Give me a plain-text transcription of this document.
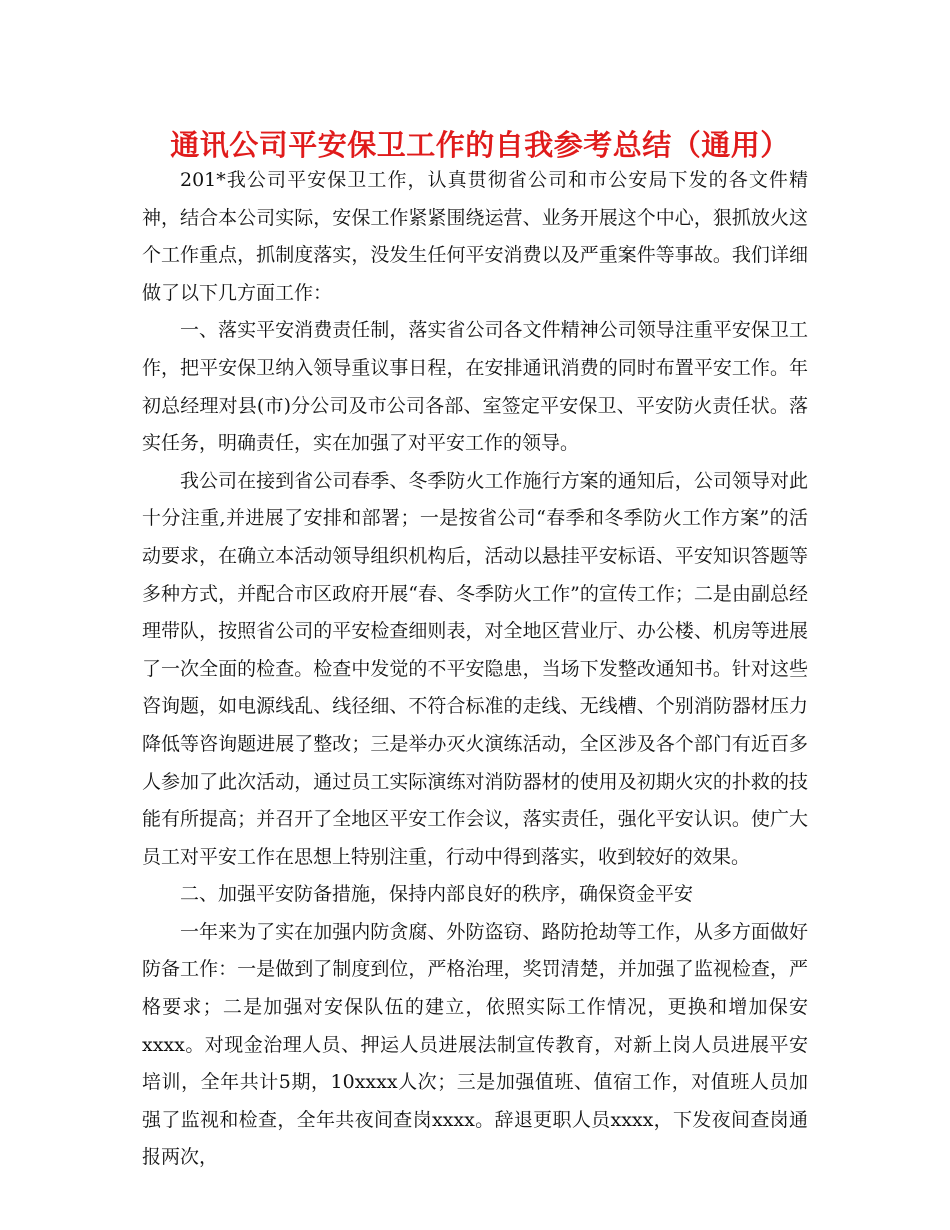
通讯公司平安保卫工作的自我参考总结（通用）

201*我公司平安保卫工作，认真贯彻省公司和市公安局下发的各文件精神，结合本公司实际，安保工作紧紧围绕运营、业务开展这个中心，狠抓放火这个工作重点，抓制度落实，没发生任何平安消费以及严重案件等事故。我们详细做了以下几方面工作：

一、落实平安消费责任制，落实省公司各文件精神公司领导注重平安保卫工作，把平安保卫纳入领导重议事日程，在安排通讯消费的同时布置平安工作。年初总经理对县(市)分公司及市公司各部、室签定平安保卫、平安防火责任状。落实任务，明确责任，实在加强了对平安工作的领导。

我公司在接到省公司春季、冬季防火工作施行方案的通知后，公司领导对此十分注重,并进展了安排和部署；一是按省公司“春季和冬季防火工作方案”的活动要求，在确立本活动领导组织机构后，活动以悬挂平安标语、平安知识答题等多种方式，并配合市区政府开展“春、冬季防火工作”的宣传工作；二是由副总经理带队，按照省公司的平安检查细则表，对全地区营业厅、办公楼、机房等进展了一次全面的检查。检查中发觉的不平安隐患，当场下发整改通知书。针对这些咨询题，如电源线乱、线径细、不符合标准的走线、无线槽、个别消防器材压力降低等咨询题进展了整改；三是举办灭火演练活动，全区涉及各个部门有近百多人参加了此次活动，通过员工实际演练对消防器材的使用及初期火灾的扑救的技能有所提高；并召开了全地区平安工作会议，落实责任，强化平安认识。使广大员工对平安工作在思想上特别注重，行动中得到落实，收到较好的效果。

二、加强平安防备措施，保持内部良好的秩序，确保资金平安

一年来为了实在加强内防贪腐、外防盗窃、路防抢劫等工作，从多方面做好防备工作：一是做到了制度到位，严格治理，奖罚清楚，并加强了监视检查，严格要求；二是加强对安保队伍的建立，依照实际工作情况，更换和增加保安xxxx。对现金治理人员、押运人员进展法制宣传教育，对新上岗人员进展平安培训，全年共计5期，10xxxx人次；三是加强值班、值宿工作，对值班人员加强了监视和检查，全年共夜间查岗xxxx。辞退更职人员xxxx，下发夜间查岗通报两次，
